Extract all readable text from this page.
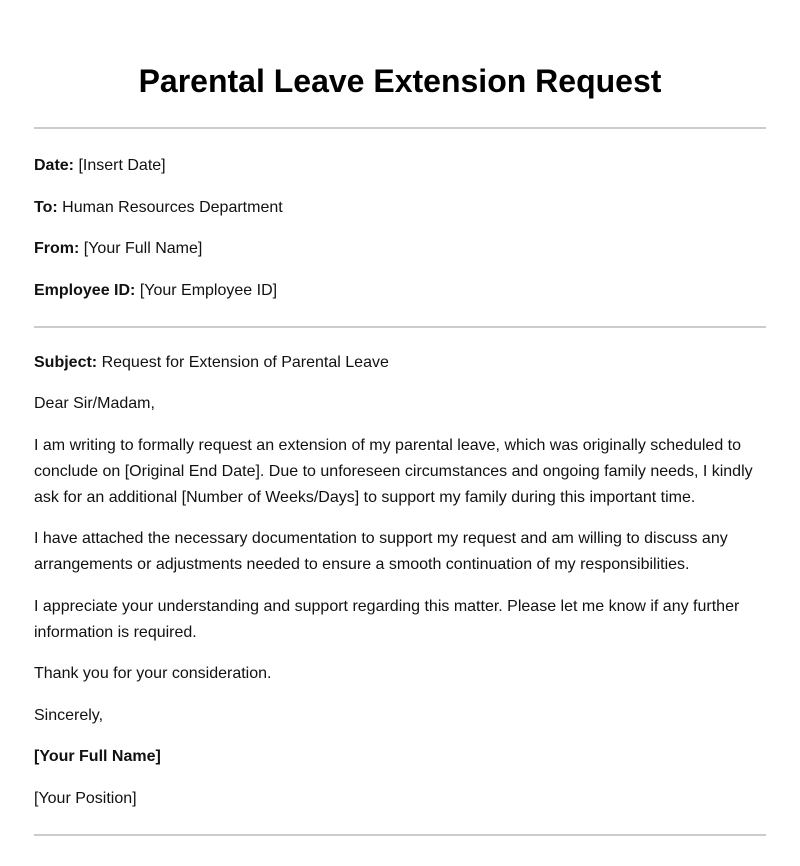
Parental Leave Extension Request

Date: [Insert Date]

To: Human Resources Department

From: [Your Full Name]

Employee ID: [Your Employee ID]

Subject: Request for Extension of Parental Leave

Dear Sir/Madam,

I am writing to formally request an extension of my parental leave, which was originally scheduled to conclude on [Original End Date]. Due to unforeseen circumstances and ongoing family needs, I kindly ask for an additional [Number of Weeks/Days] to support my family during this important time.

I have attached the necessary documentation to support my request and am willing to discuss any arrangements or adjustments needed to ensure a smooth continuation of my responsibilities.

I appreciate your understanding and support regarding this matter. Please let me know if any further information is required.

Thank you for your consideration.

Sincerely,

[Your Full Name]

[Your Position]
